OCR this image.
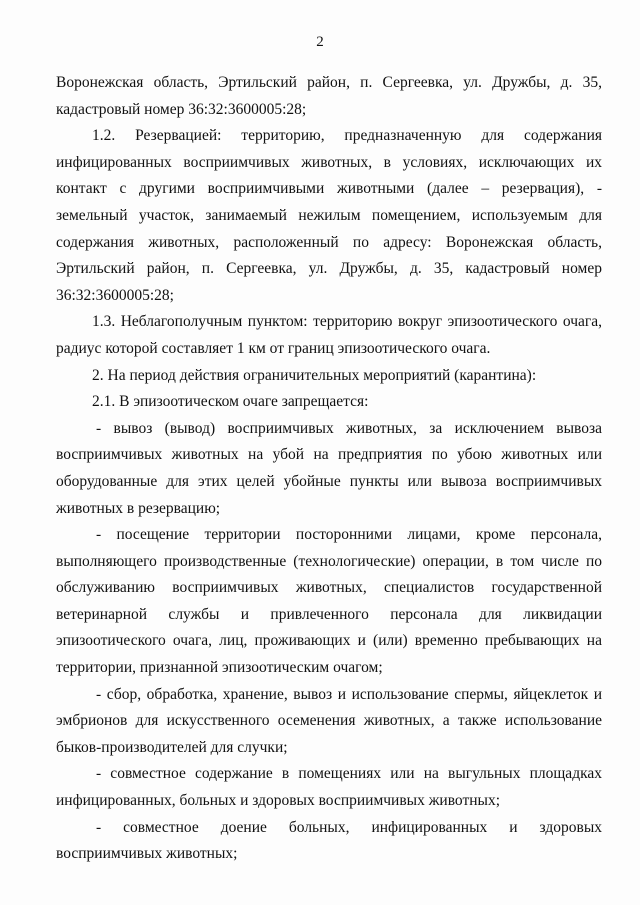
2

Воронежская область, Эртильский район, п. Сергеевка, ул. Дружбы, д. 35, кадастровый номер 36:32:3600005:28;

1.2. Резервацией: территорию, предназначенную для содержания инфицированных восприимчивых животных, в условиях, исключающих их контакт с другими восприимчивыми животными (далее – резервация), - земельный участок, занимаемый нежилым помещением, используемым для содержания животных, расположенный по адресу: Воронежская область, Эртильский район, п. Сергеевка, ул. Дружбы, д. 35, кадастровый номер 36:32:3600005:28;

1.3. Неблагополучным пунктом: территорию вокруг эпизоотического очага, радиус которой составляет 1 км от границ эпизоотического очага.

2. На период действия ограничительных мероприятий (карантина):

2.1. В эпизоотическом очаге запрещается:

- вывоз (вывод) восприимчивых животных, за исключением вывоза восприимчивых животных на убой на предприятия по убою животных или оборудованные для этих целей убойные пункты или вывоза восприимчивых животных в резервацию;

- посещение территории посторонними лицами, кроме персонала, выполняющего производственные (технологические) операции, в том числе по обслуживанию восприимчивых животных, специалистов государственной ветеринарной службы и привлеченного персонала для ликвидации эпизоотического очага, лиц, проживающих и (или) временно пребывающих на территории, признанной эпизоотическим очагом;

- сбор, обработка, хранение, вывоз и использование спермы, яйцеклеток и эмбрионов для искусственного осеменения животных, а также использование быков-производителей для случки;

- совместное содержание в помещениях или на выгульных площадках инфицированных, больных и здоровых восприимчивых животных;

- совместное доение больных, инфицированных и здоровых восприимчивых животных;
